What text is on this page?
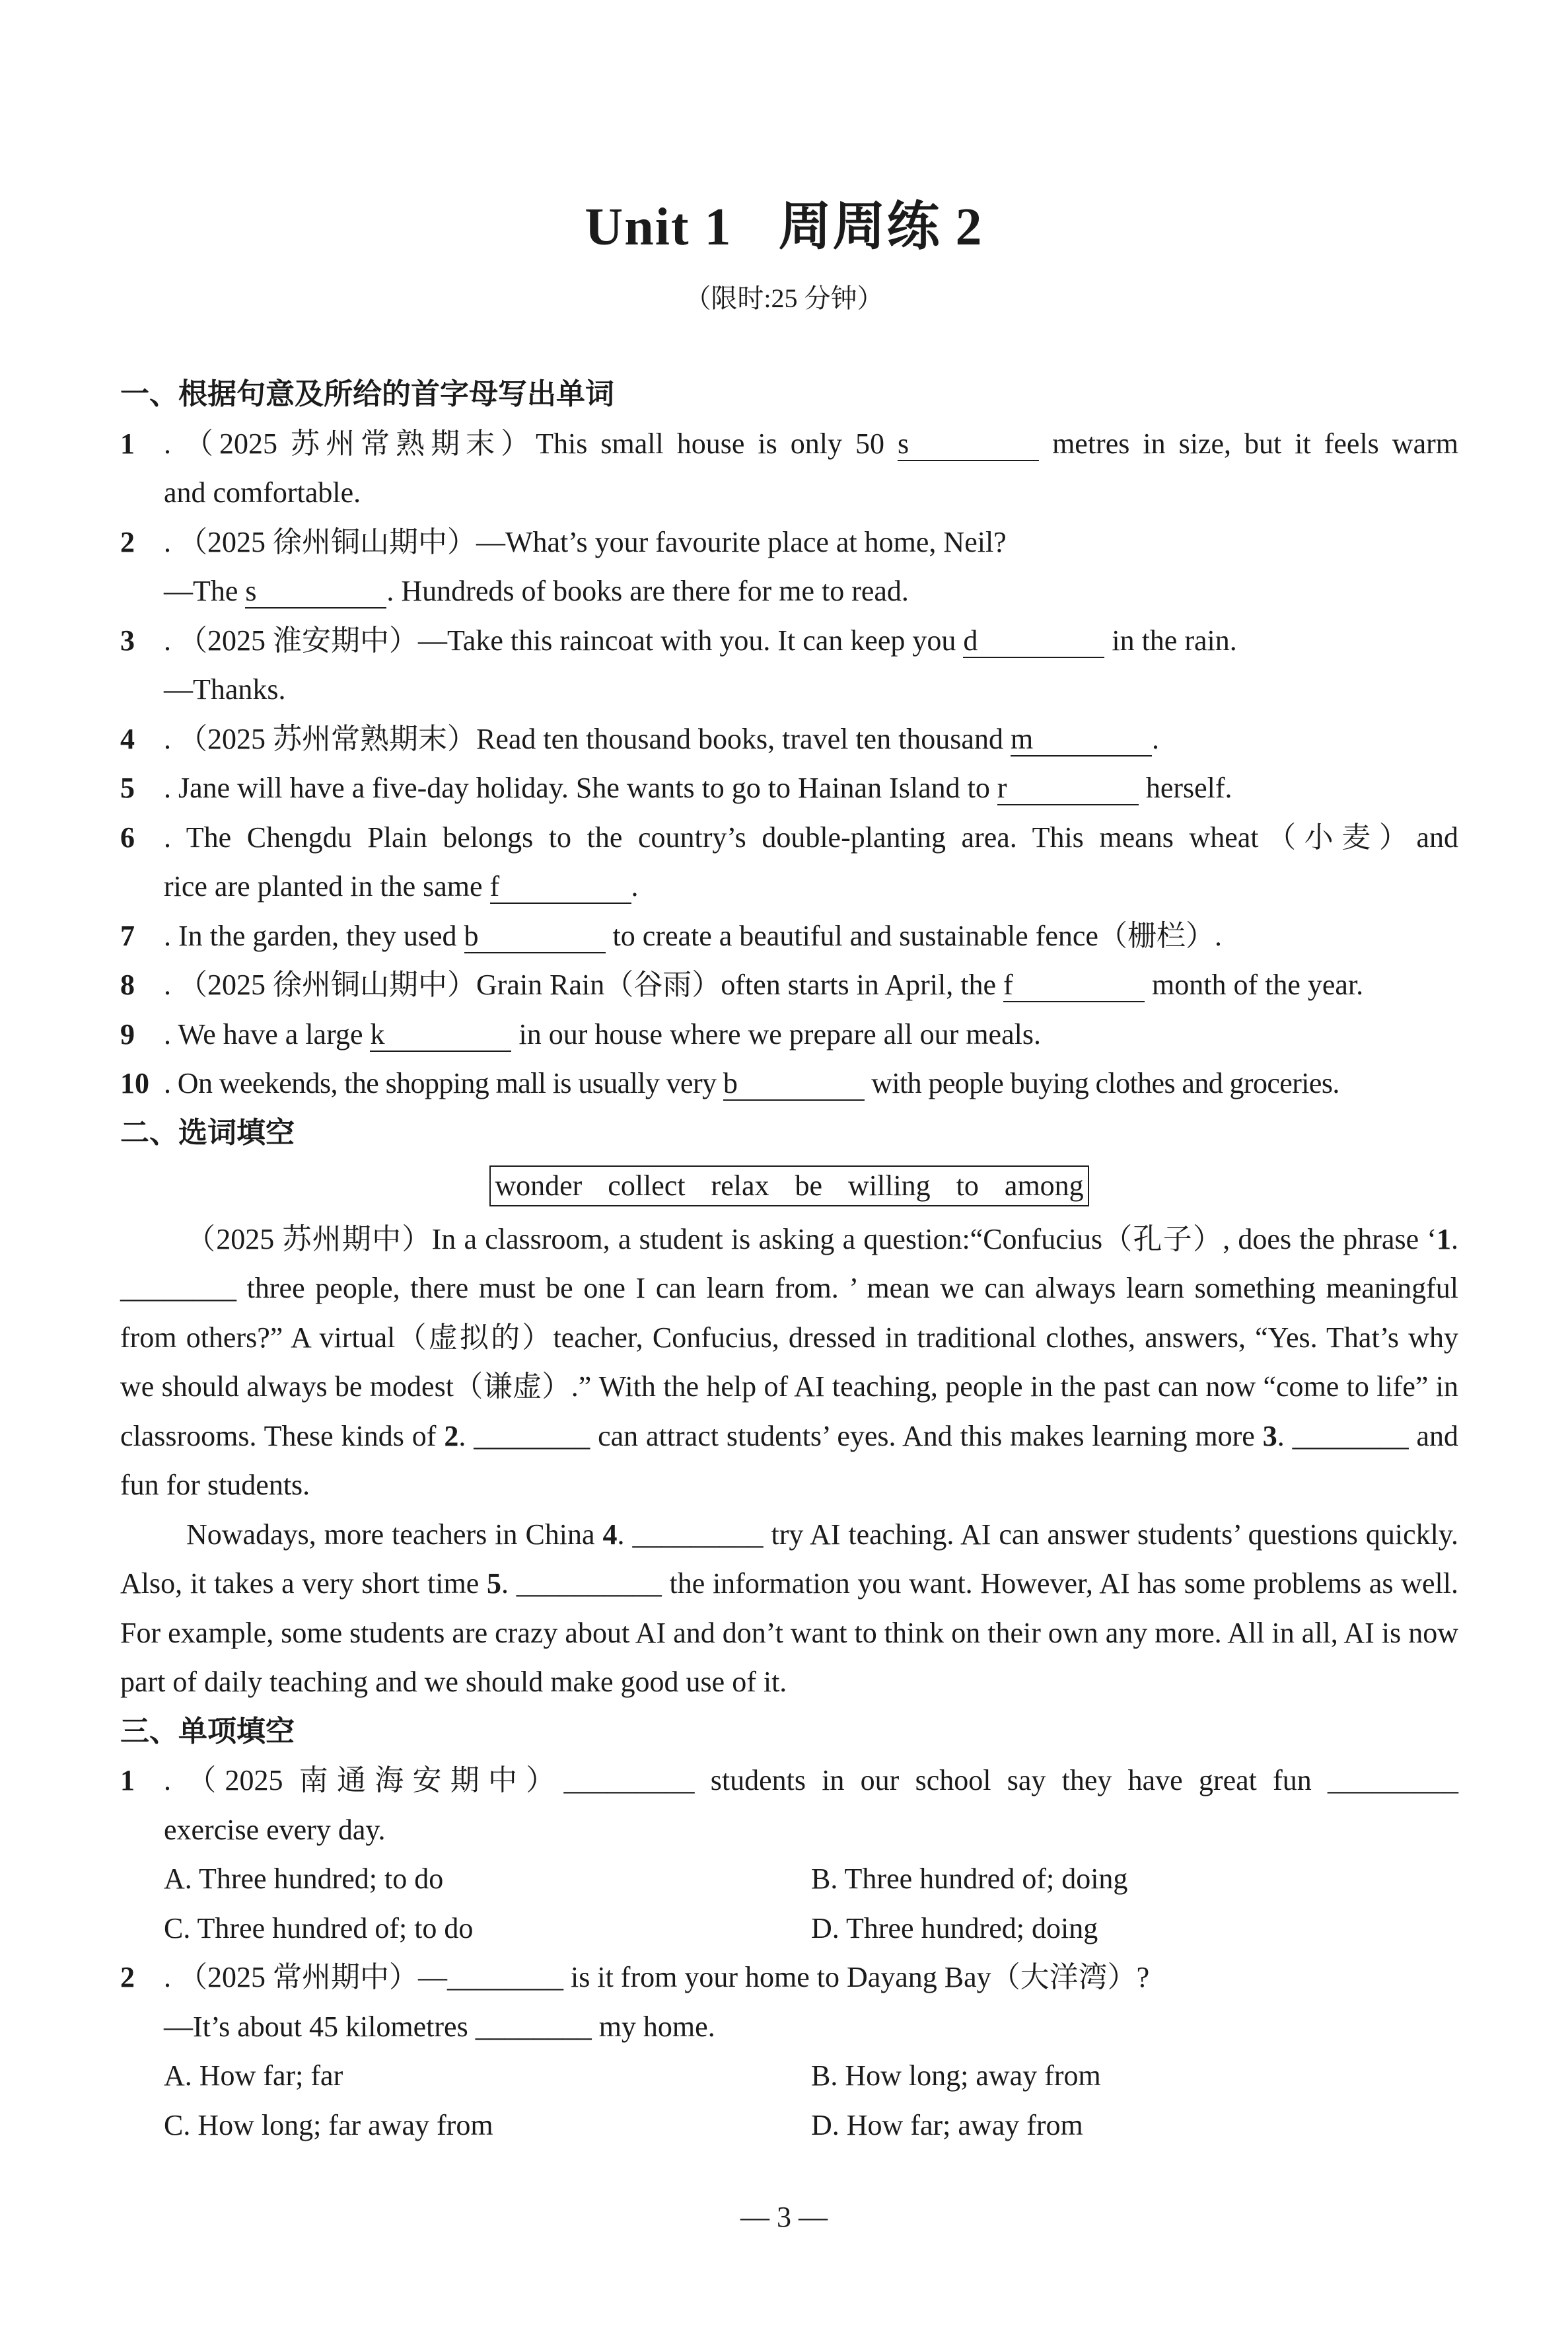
Unit 1 周周练 2
（限时:25 分钟）
一、根据句意及所给的首字母写出单词
1 . （2025 苏州常熟期末）This small house is only 50 s	metres in size, but it feels warm
and comfortable.
2 . （2025 徐州铜山期中）—What’s your favourite place at home, Neil?
—The s	. Hundreds of books are there for me to read.
3 . （2025 淮安期中）—Take this raincoat with you. It can keep you d	in the rain.
—Thanks.
4 . （2025 苏州常熟期末）Read ten thousand books, travel ten thousand m	.
5 . Jane will have a five-day holiday. She wants to go to Hainan Island to r	herself.
6 . The Chengdu Plain belongs to the country’s double-planting area. This means wheat（小麦）and
rice are planted in the same f	.
7 . In the garden, they used b	to create a beautiful and sustainable fence（栅栏）.
8 . （2025 徐州铜山期中）Grain Rain（谷雨）often starts in April, the f	month of the year.
9 . We have a large k	in our house where we prepare all our meals.
10 . On weekends, the shopping mall is usually very b	with people buying clothes and groceries.
二、选词填空
wonder collect relax be willing to among
（2025 苏州期中）In a classroom, a student is asking a question:“Confucius（孔子）, does the phrase ‘1. ________ three people, there must be one I can learn from. ’ mean we can always learn something meaningful from others?” A virtual（虚拟的）teacher, Confucius, dressed in traditional clothes, answers, “Yes. That’s why we should always be modest（谦虚）.” With the help of AI teaching, people in the past can now “come to life” in classrooms. These kinds of 2. ________ can attract students’ eyes. And this makes learning more 3. ________ and fun for students.
Nowadays, more teachers in China 4. _________ try AI teaching. AI can answer students’ questions quickly. Also, it takes a very short time 5. __________ the information you want. However, AI has some problems as well. For example, some students are crazy about AI and don’t want to think on their own any more. All in all, AI is now part of daily teaching and we should make good use of it.
三、单项填空
1 . （2025 南通海安期中）_________ students in our school say they have great fun _________
exercise every day.
A. Three hundred; to do	B. Three hundred of; doing
C. Three hundred of; to do	D. Three hundred; doing
2 . （2025 常州期中）—________ is it from your home to Dayang Bay（大洋湾）?
—It’s about 45 kilometres ________ my home.
A. How far; far	B. How long; away from
C. How long; far away from	D. How far; away from
— 3 —
